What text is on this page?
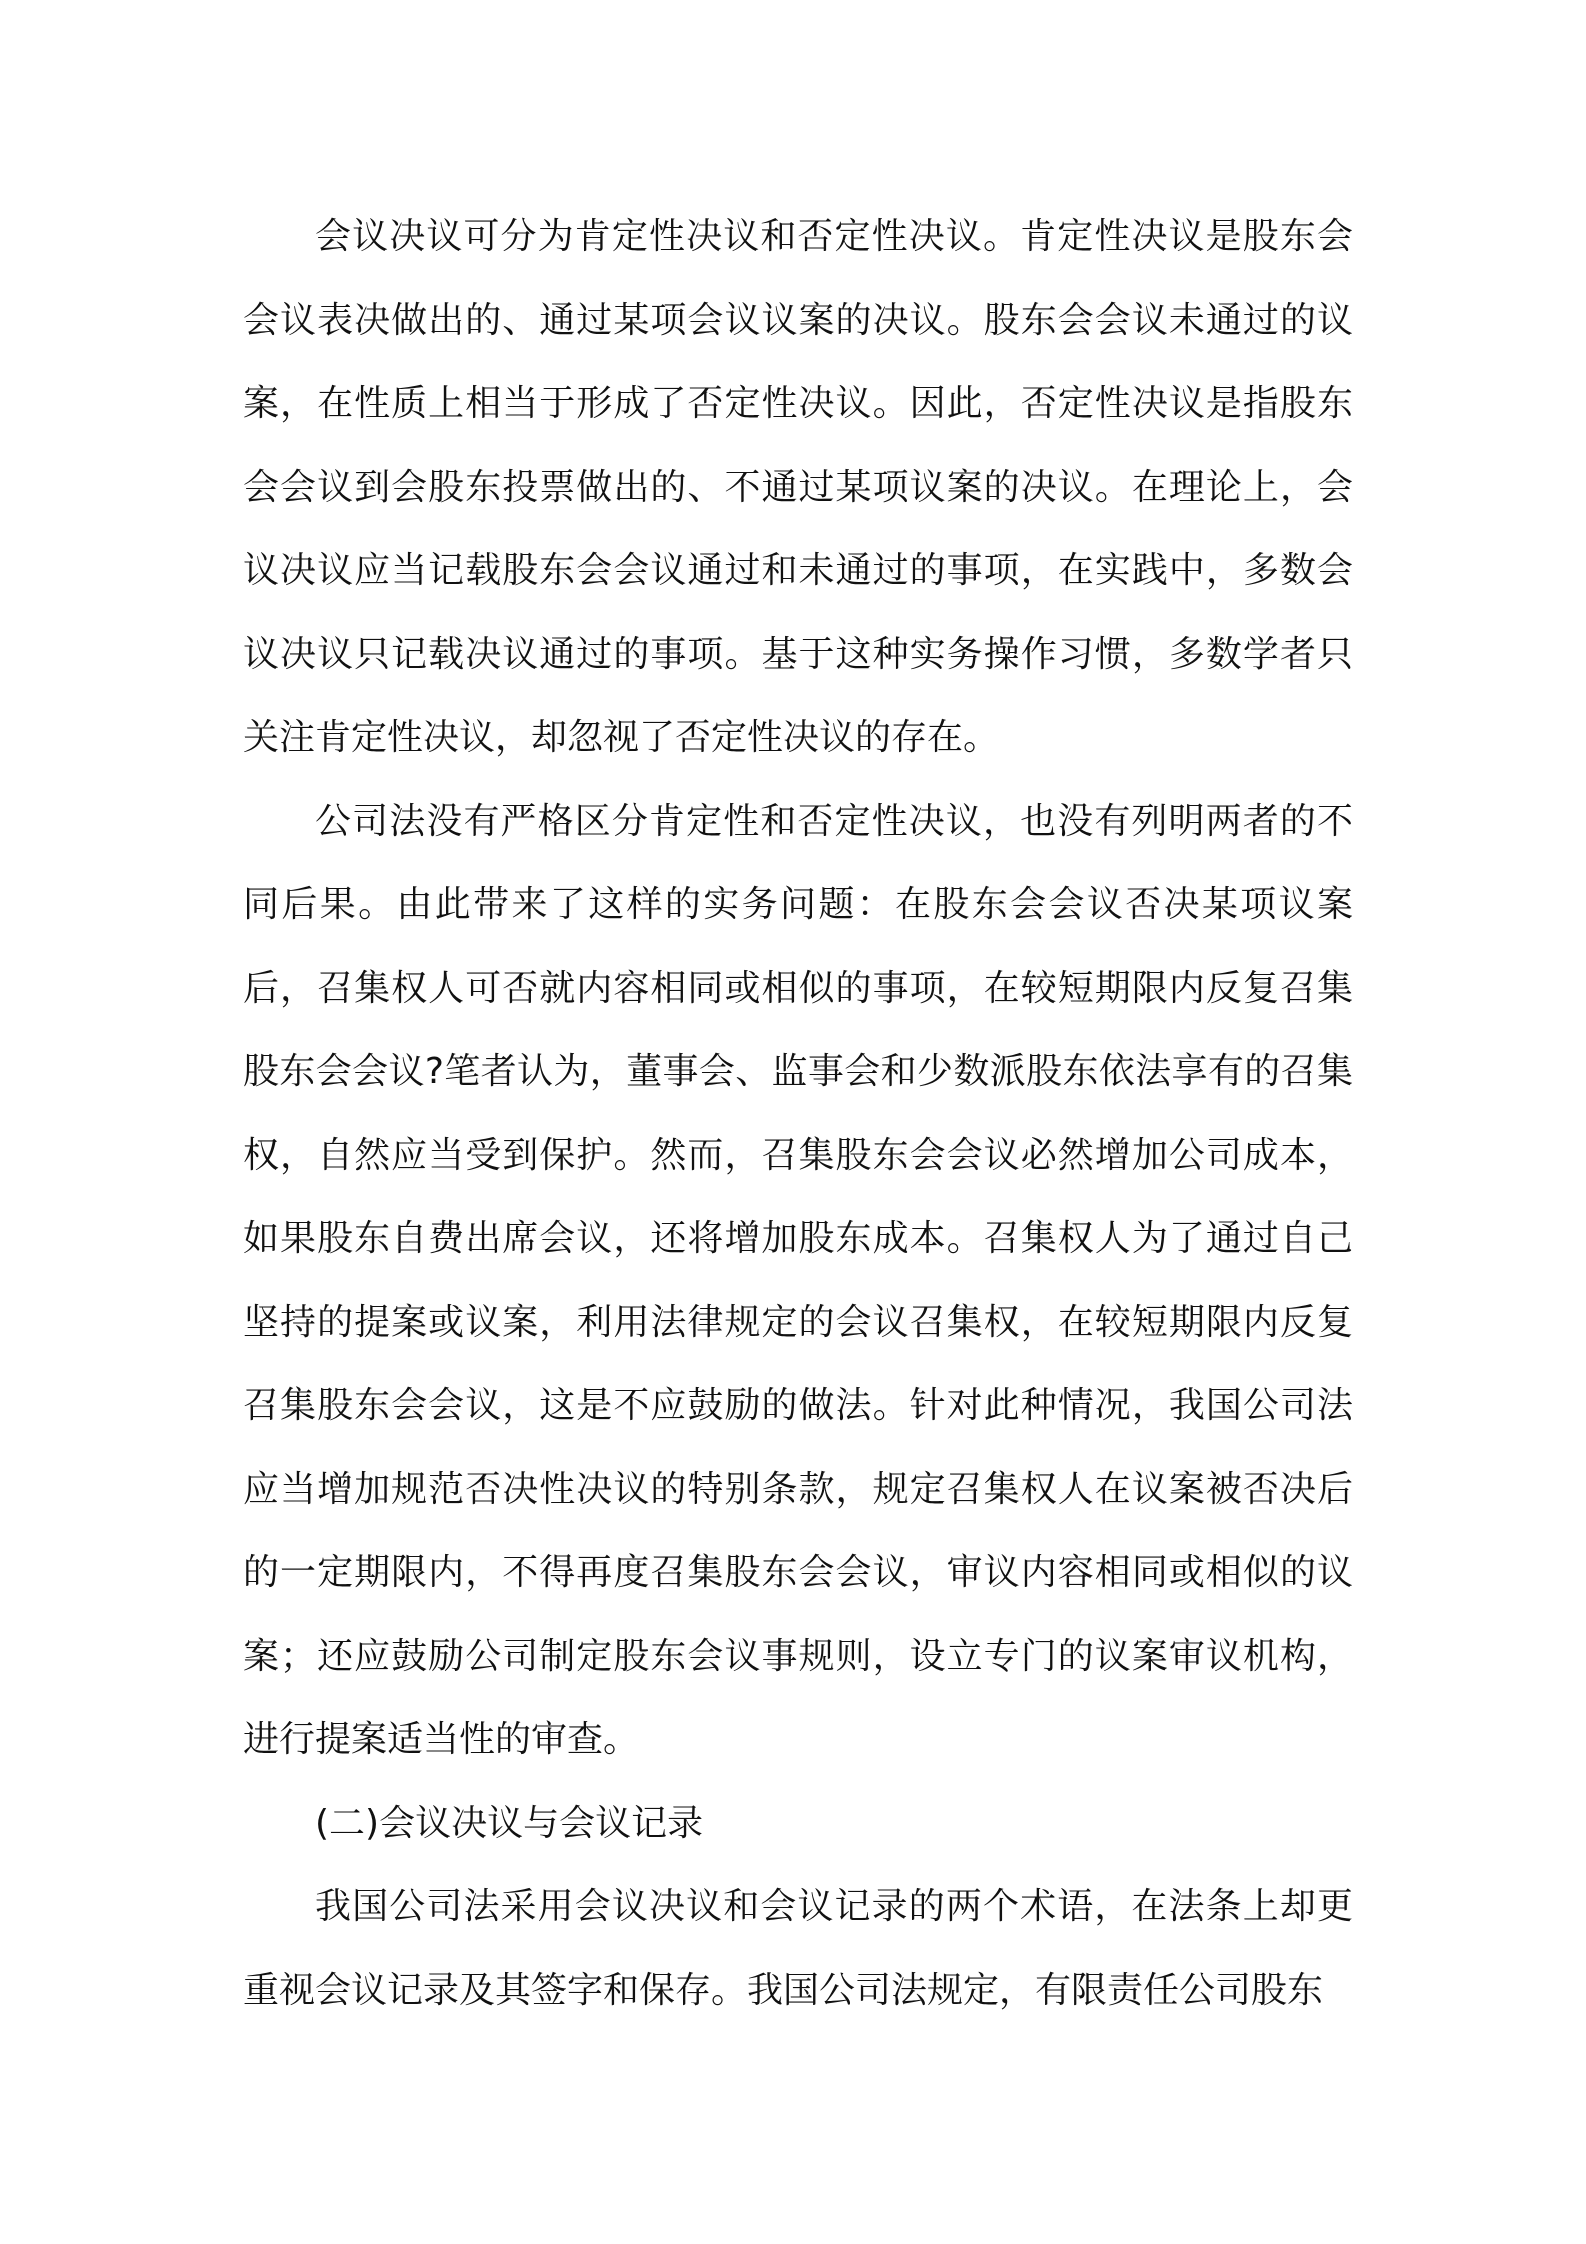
会议决议可分为肯定性决议和否定性决议。肯定性决议是股东会会议表决做出的、通过某项会议议案的决议。股东会会议未通过的议案，在性质上相当于形成了否定性决议。因此，否定性决议是指股东会会议到会股东投票做出的、不通过某项议案的决议。在理论上，会议决议应当记载股东会会议通过和未通过的事项，在实践中，多数会议决议只记载决议通过的事项。基于这种实务操作习惯，多数学者只关注肯定性决议，却忽视了否定性决议的存在。

公司法没有严格区分肯定性和否定性决议，也没有列明两者的不同后果。由此带来了这样的实务问题：在股东会会议否决某项议案后，召集权人可否就内容相同或相似的事项，在较短期限内反复召集股东会会议?笔者认为，董事会、监事会和少数派股东依法享有的召集权，自然应当受到保护。然而，召集股东会会议必然增加公司成本，如果股东自费出席会议，还将增加股东成本。召集权人为了通过自己坚持的提案或议案，利用法律规定的会议召集权，在较短期限内反复召集股东会会议，这是不应鼓励的做法。针对此种情况，我国公司法应当增加规范否决性决议的特别条款，规定召集权人在议案被否决后的一定期限内，不得再度召集股东会会议，审议内容相同或相似的议案；还应鼓励公司制定股东会议事规则，设立专门的议案审议机构，进行提案适当性的审查。

(二)会议决议与会议记录

我国公司法采用会议决议和会议记录的两个术语，在法条上却更重视会议记录及其签字和保存。我国公司法规定，有限责任公司股东
